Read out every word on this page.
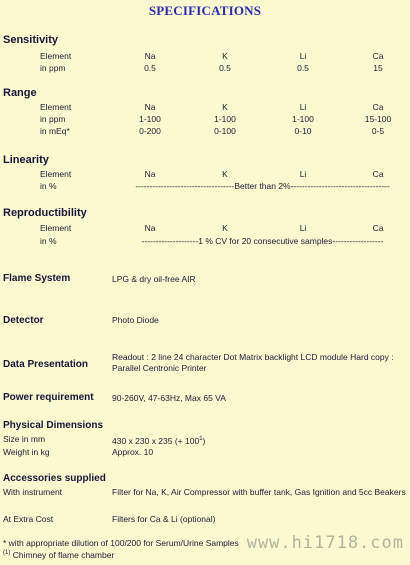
SPECIFICATIONS
Sensitivity
Element	Na	K	Li	Ca
in ppm	0.5	0.5	0.5	15
Range
Element	Na	K	Li	Ca
in ppm	1-100	1-100	1-100	15-100
in mEq*	0-200	0-100	0-10	0-5
Linearity
Element	Na	K	Li	Ca
in %	-----------------------------------Better than 2%-----------------------------------
Reproductibility
Element	Na	K	Li	Ca
in %	--------------------1 % CV for 20 consecutive samples------------------
Flame System	LPG & dry oil-free AIR
Detector	Photo Diode
Data Presentation
Readout : 2 line 24 character Dot Matrix backlight LCD module Hard copy : Parallel Centronic Printer
Power requirement 90-260V, 47-63Hz, Max 65 VA
Physical Dimensions
Size in mm	430 x 230 x 235 (+ $100^1$)
Weight in kg	Approx. 10
Accessories supplied
With instrument	Filter for Na, K, Air Compressor with buffer tank, Gas Ignition and 5cc Beakers
At Extra Cost	Filters for Ca & Li (optional)
* with appropriate dilution of 100/200 for Serum/Urine Samples
$^{(1)}$ Chimney of flame chamber
www.hi1718.com
